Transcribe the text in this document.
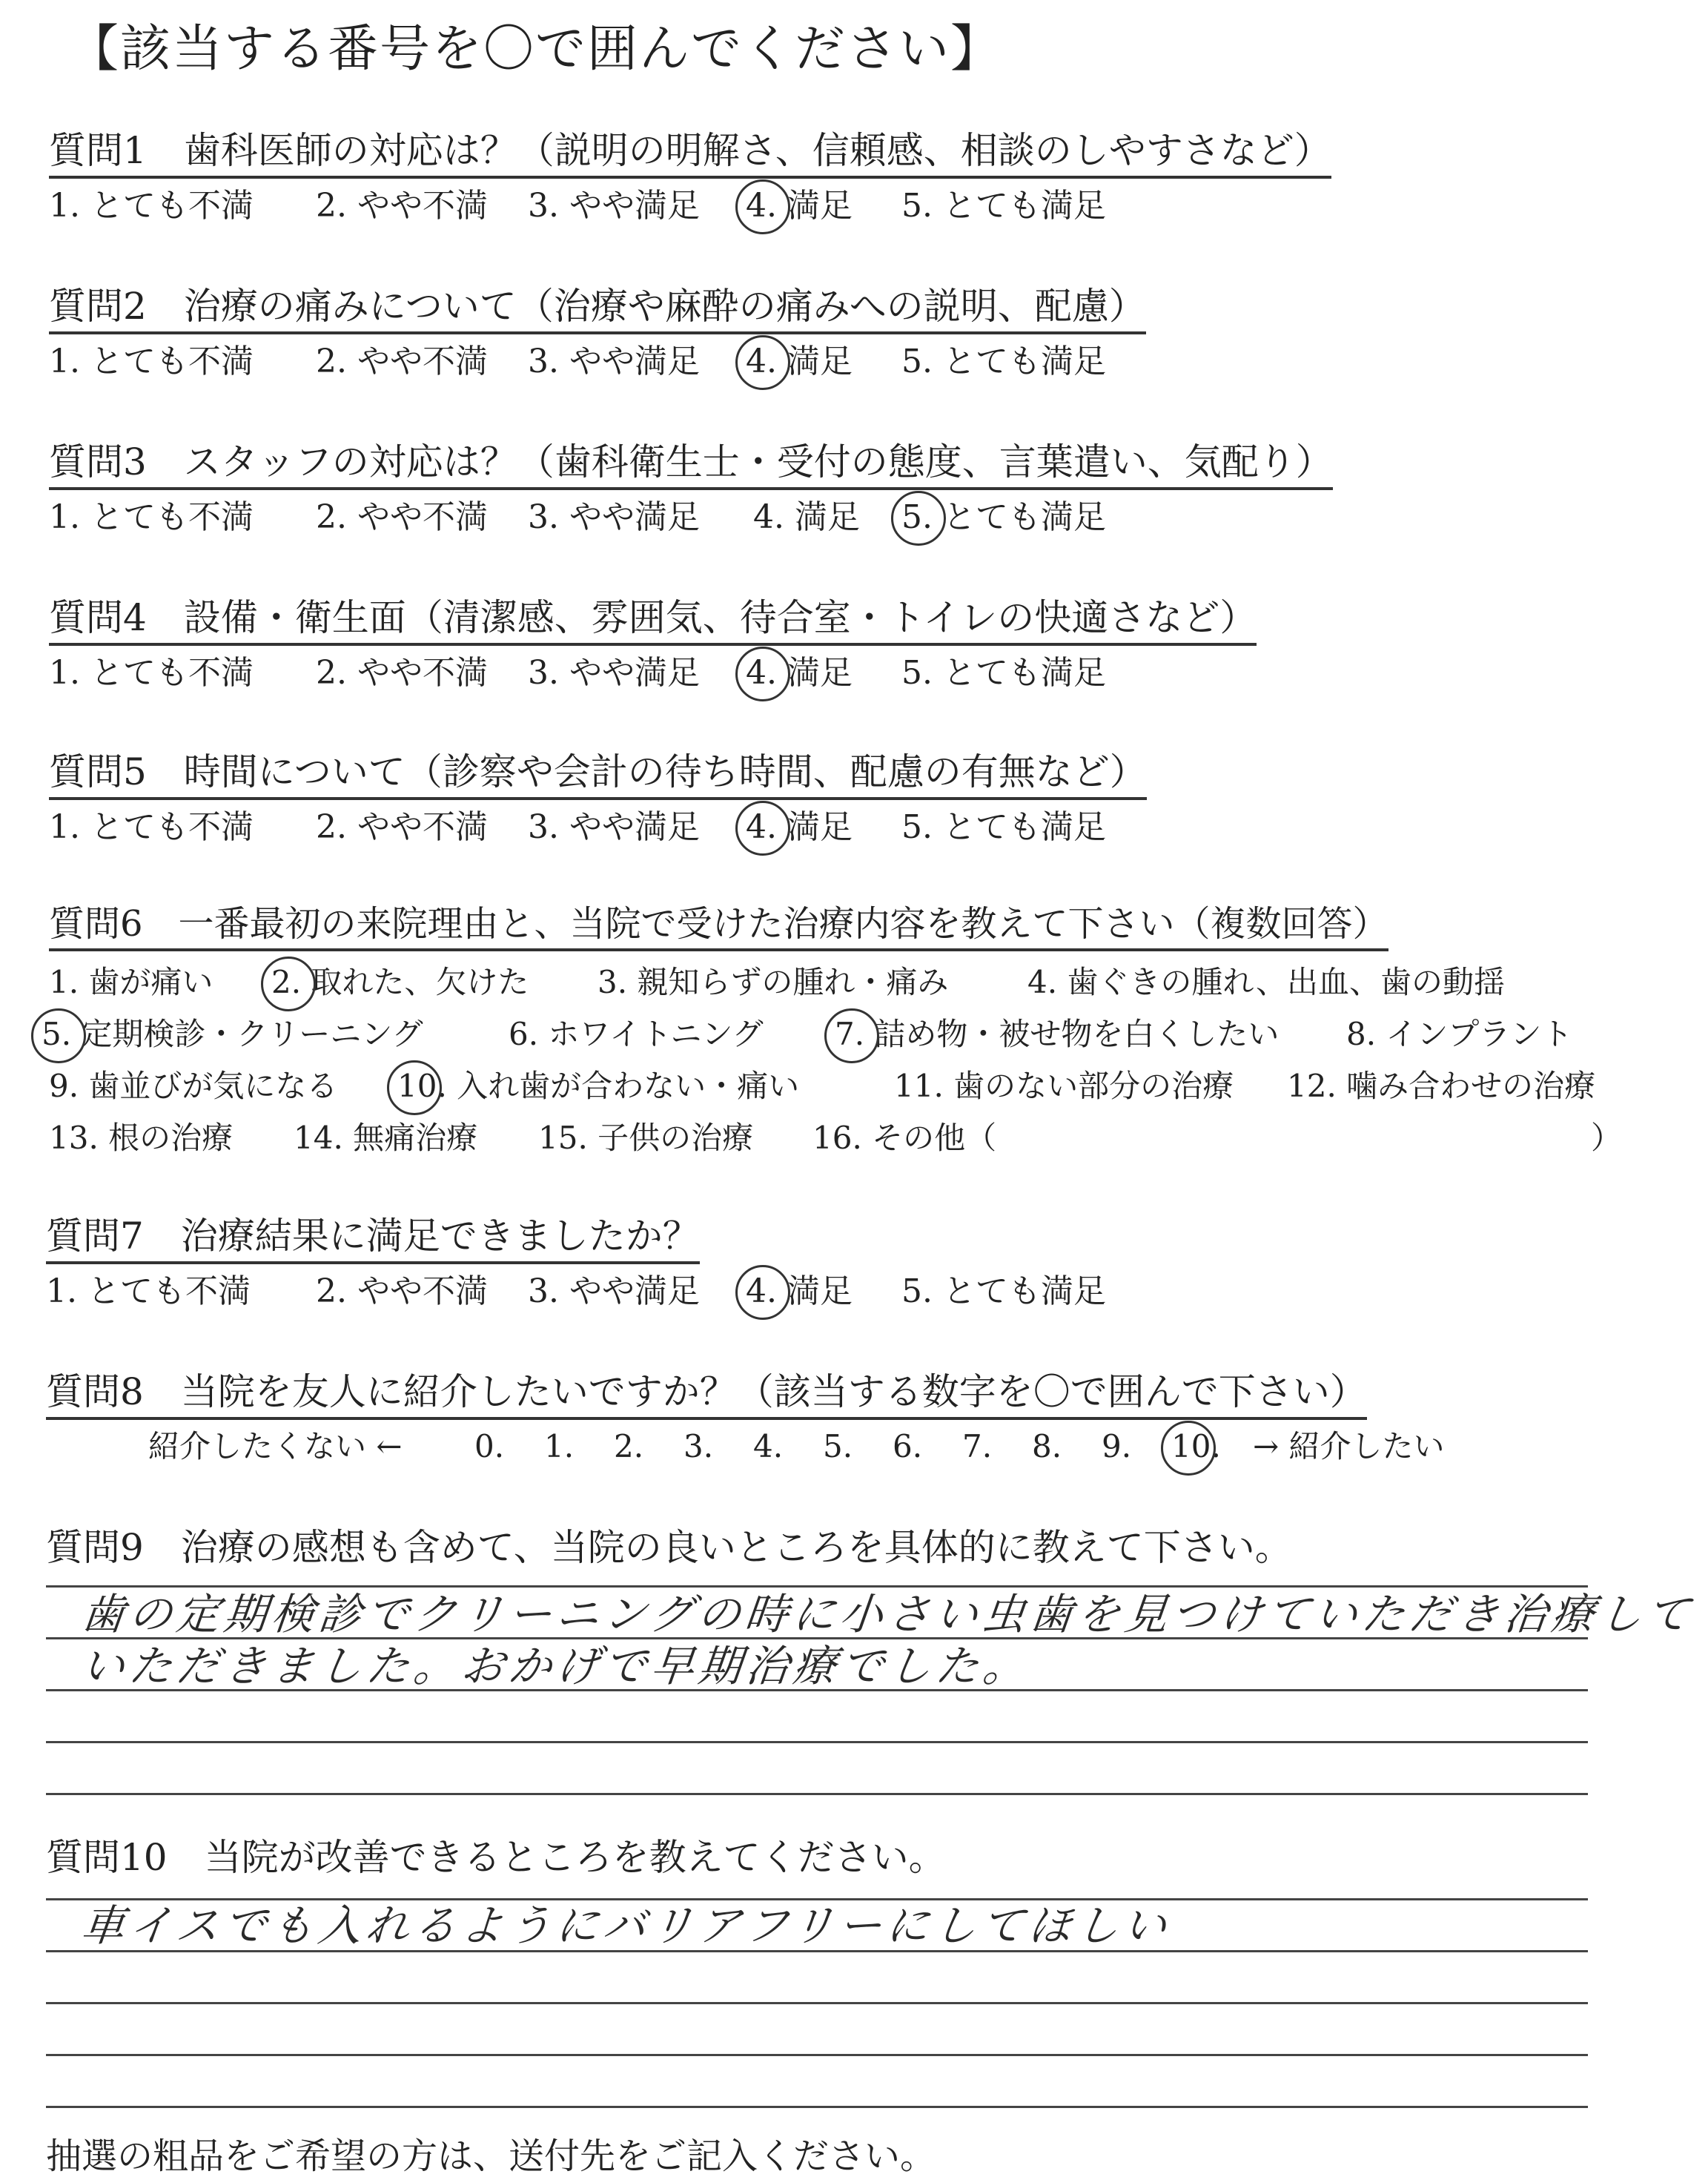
【該当する番号を〇で囲んでください】
質問1　歯科医師の対応は？（説明の明解さ、信頼感、相談のしやすさなど）
1. とても不満 2. やや不満 3. やや満足 4. 満足 5. とても満足
質問2　治療の痛みについて（治療や麻酔の痛みへの説明、配慮）
1. とても不満 2. やや不満 3. やや満足 4. 満足 5. とても満足
質問3　スタッフの対応は？（歯科衛生士・受付の態度、言葉遣い、気配り）
1. とても不満 2. やや不満 3. やや満足 4. 満足 5. とても満足
質問4　設備・衛生面（清潔感、雰囲気、待合室・トイレの快適さなど）
1. とても不満 2. やや不満 3. やや満足 4. 満足 5. とても満足
質問5　時間について（診察や会計の待ち時間、配慮の有無など）
1. とても不満 2. やや不満 3. やや満足 4. 満足 5. とても満足
質問6　一番最初の来院理由と、当院で受けた治療内容を教えて下さい（複数回答）
1. 歯が痛い 2. 取れた、欠けた 3. 親知らずの腫れ・痛み	4. 歯ぐきの腫れ、出血、歯の動揺
5. 定期検診・クリーニング	6. ホワイトニング 7. 詰め物・被せ物を白くしたい 8. インプラント
9. 歯並びが気になる 10. 入れ歯が合わない・痛い	11. 歯のない部分の治療 12. 噛み合わせの治療
13. 根の治療 14. 無痛治療 15. 子供の治療 16. その他（	）
質問7　治療結果に満足できましたか？
1. とても不満 2. やや不満 3. やや満足 4. 満足 5. とても満足
質問8　当院を友人に紹介したいですか？（該当する数字を〇で囲んで下さい）
紹介したくない ← 0. 1. 2. 3. 4. 5. 6. 7. 8. 9. 10. → 紹介したい
質問9　治療の感想も含めて、当院の良いところを具体的に教えて下さい。
歯の定期検診でクリーニングの時に小さい虫歯を見つけていただき治療して
いただきました。おかげで早期治療でした。
質問10　当院が改善できるところを教えてください。
車イスでも入れるようにバリアフリーにしてほしい
抽選の粗品をご希望の方は、送付先をご記入ください。
